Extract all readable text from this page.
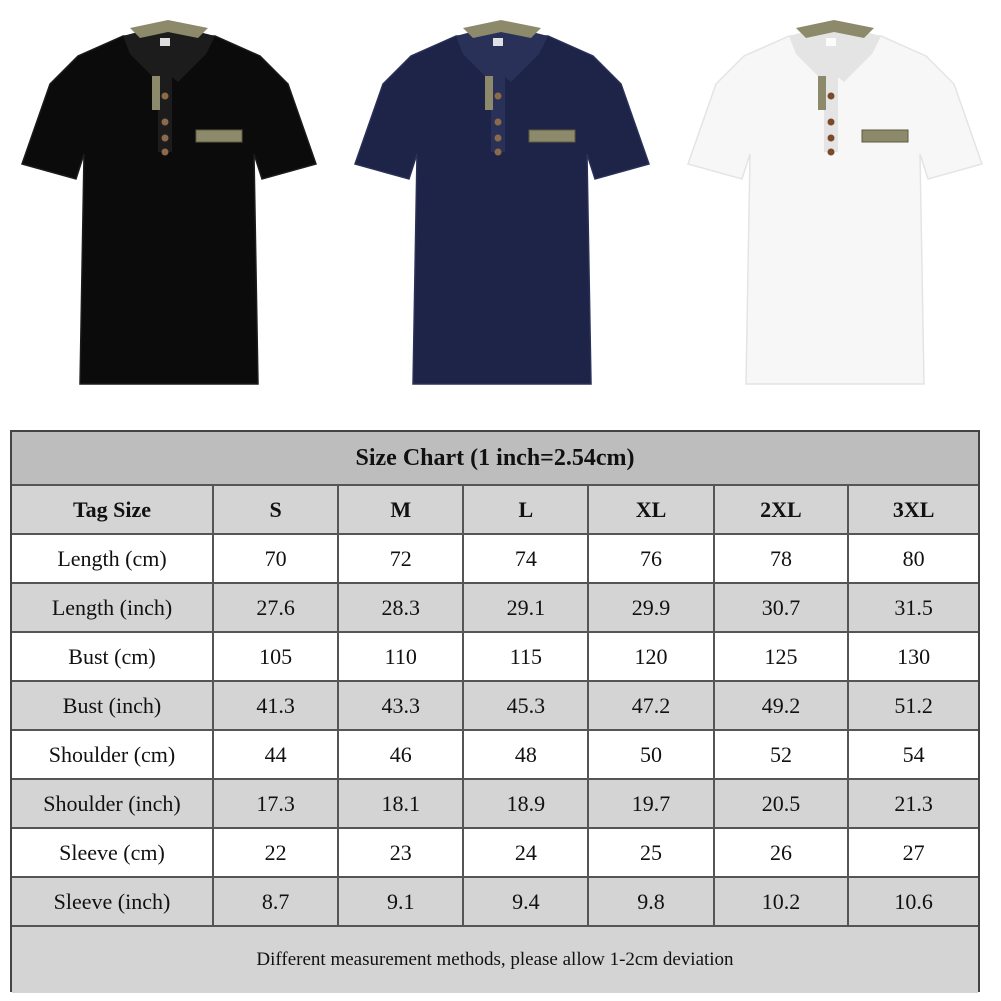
Size Chart (1 inch=2.54cm)						
Tag Size	S	M	L	XL	2XL	3XL
Length (cm)	70	72	74	76	78	80
Length (inch)	27.6	28.3	29.1	29.9	30.7	31.5
Bust (cm)	105	110	115	120	125	130
Bust (inch)	41.3	43.3	45.3	47.2	49.2	51.2
Shoulder (cm)	44	46	48	50	52	54
Shoulder (inch)	17.3	18.1	18.9	19.7	20.5	21.3
Sleeve (cm)	22	23	24	25	26	27
Sleeve (inch)	8.7	9.1	9.4	9.8	10.2	10.6
Different measurement methods, please allow 1-2cm deviation						
